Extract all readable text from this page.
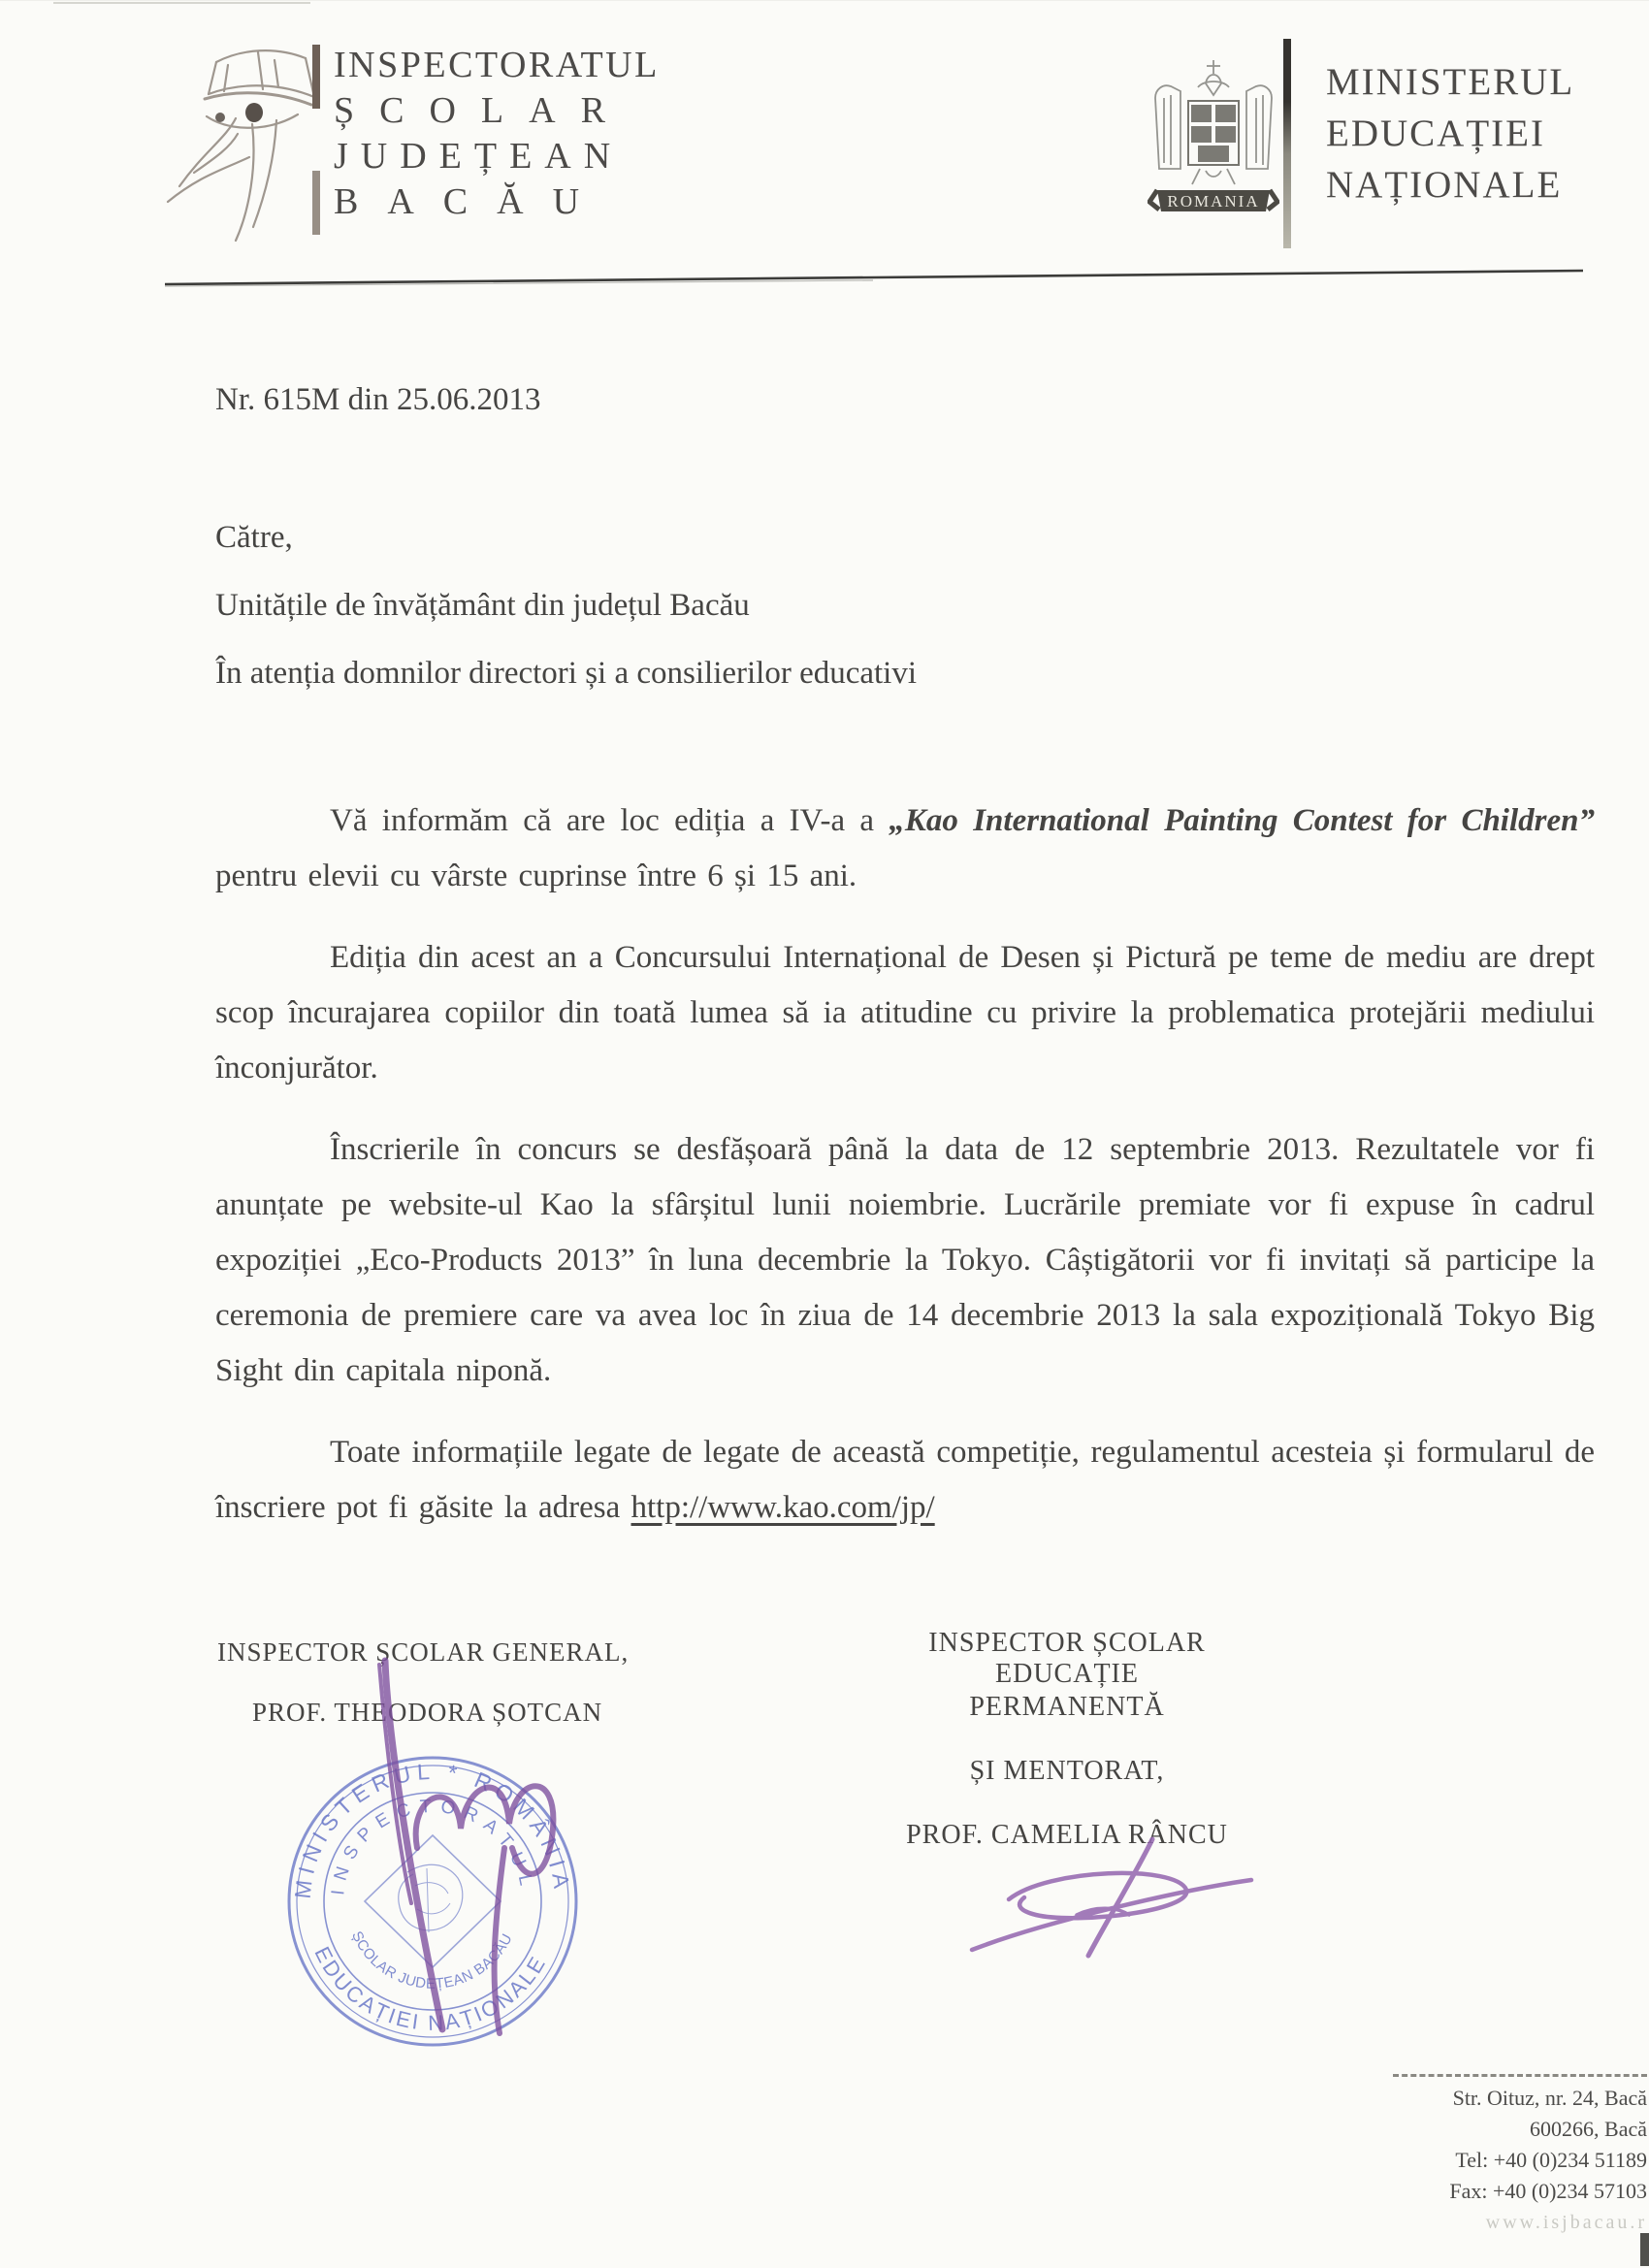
INSPECTORATUL
ȘCOLAR
JUDEȚEAN
BACĂU	ROMANIA
MINISTERUL
EDUCAȚIEI
NAȚIONALE
Nr. 615M din 25.06.2013
Către,
Unitățile de învățământ din județul Bacău
În atenția domnilor directori și a consilierilor educativi

Vă informăm că are loc ediția a IV-a a „Kao International Painting Contest for Children” pentru elevii cu vârste cuprinse între 6 și 15 ani.

Ediția din acest an a Concursului Internațional de Desen și Pictură pe teme de mediu are drept scop încurajarea copiilor din toată lumea să ia atitudine cu privire la problematica protejării mediului înconjurător.

Înscrierile în concurs se desfășoară până la data de 12 septembrie 2013. Rezultatele vor fi anunțate pe website-ul Kao la sfârșitul lunii noiembrie. Lucrările premiate vor fi expuse în cadrul expoziției „Eco-Products 2013” în luna decembrie la Tokyo. Câștigătorii vor fi invitați să participe la ceremonia de premiere care va avea loc în ziua de 14 decembrie 2013 la sala expozițională Tokyo Big Sight din capitala niponă.

Toate informațiile legate de legate de această competiție, regulamentul acesteia și formularul de înscriere pot fi găsite la adresa http://www.kao.com/jp/

INSPECTOR ȘCOLAR GENERAL,
PROF. THEODORA ȘOTCAN
INSPECTOR ȘCOLAR EDUCAȚIE
PERMANENTĂ
ȘI MENTORAT,
PROF. CAMELIA RÂNCU
MINISTERUL * ROMÂNIA
EDUCAȚIEI NAȚIONALE
INSPECTORATUL
ȘCOLAR JUDEȚEAN BACĂU
Str. Oituz, nr. 24, Bacă
600266, Bacă
Tel: +40 (0)234 51189
Fax: +40 (0)234 57103
www.isjbacau.r
